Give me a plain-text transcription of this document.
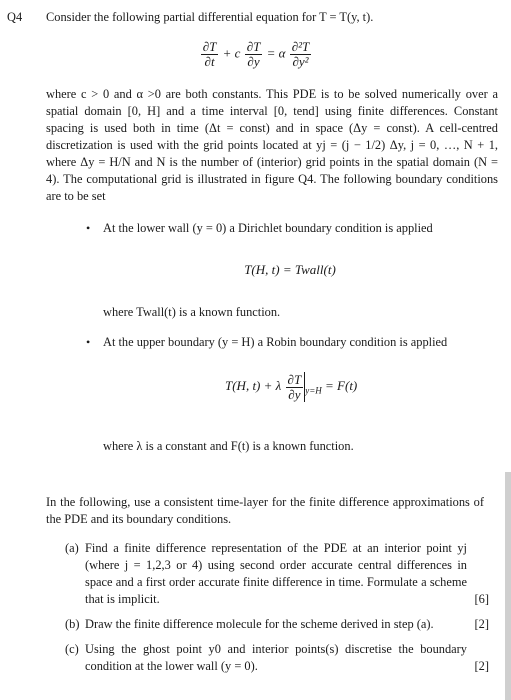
Q4 Consider the following partial differential equation for T = T(y, t).
$\frac{\partial T}{\partial t} + c \frac{\partial T}{\partial y} = \alpha \frac{\text{∂²T}}{\text{∂y²}}$

where c > 0 and α >0 are both constants. This PDE is to be solved numerically over a spatial domain [0, H] and a time interval [0, tend] using finite differences. Constant spacing is used both in time (Δt = const) and in space (Δy = const). A cell-centred discretization is used with the grid points located at yj = (j − 1/2) Δy, j = 0, …, N + 1, where Δy = H/N and N is the number of (interior) grid points in the spatial domain (N = 4). The computational grid is illustrated in figure Q4. The following boundary conditions are to be set

• At the lower wall (y = 0) a Dirichlet boundary condition is applied
T(H, t) = Twall(t)
where Twall(t) is a known function.
• At the upper boundary (y = H) a Robin boundary condition is applied
T(H, t) + λ $\frac{\partial T}{\partial y} _{y=H} = F(t)$
where λ is a constant and F(t) is a known function.

In the following, use a consistent time-layer for the finite difference approximations of the PDE and its boundary conditions.

(a) Find a finite difference representation of the PDE at an interior point yj (where j = 1,2,3 or 4) using second order accurate central differences in space and a first order accurate finite difference in time. Formulate a scheme that is implicit.	[6]
(b) Draw the finite difference molecule for the scheme derived in step (a).	[2]
(c) Using the ghost point y0 and interior points(s) discretise the boundary condition at the lower wall (y = 0).	[2]
